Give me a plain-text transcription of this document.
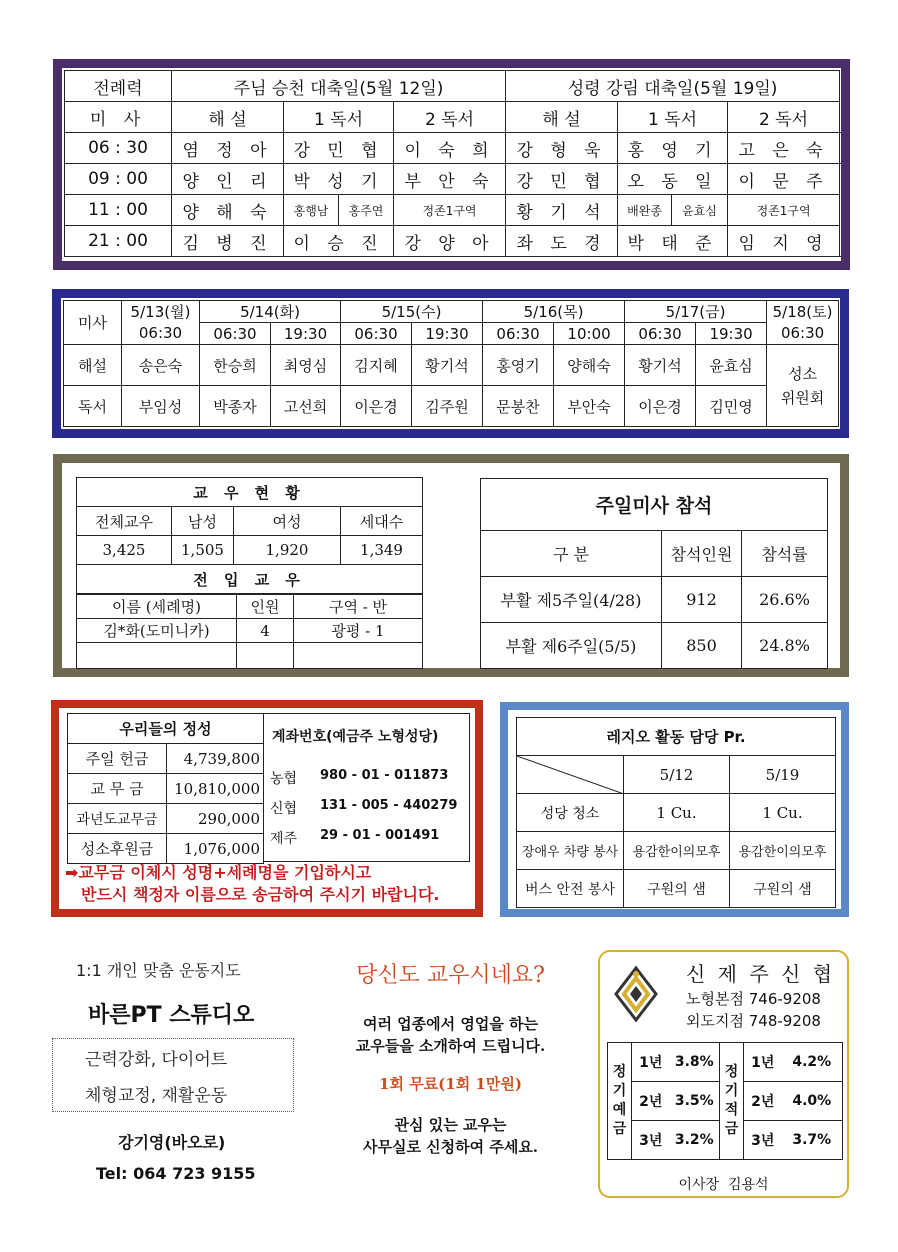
전례력	주님 승천 대축일(5월 12일)				성령 강림 대축일(5월 19일)			
미 사	해 설	1 독서		2 독서	해 설	1 독서		2 독서
06 : 30	염 정 아	강 민 협		이 숙 희	강 형 욱	홍 영 기		고 은 숙
09 : 00	양 인 리	박 성 기		부 안 숙	강 민 협	오 동 일		이 문 주
11 : 00	양 해 숙	홍행남	홍주연	정존1구역	황 기 석	배완종	윤효심	정존1구역
21 : 00	김 병 진	이 승 진		강 양 아	좌 도 경	박 태 준		임 지 영
미사	5/13(월)	5/14(화)		5/15(수)		5/16(목)		5/17(금)		5/18(토)
	06:30	06:30	19:30	06:30	19:30	06:30	10:00	06:30	19:30	06:30
해설	송은숙	한승희	최영심	김지혜	황기석	홍영기	양해숙	황기석	윤효심	성소
위원회
독서	부임성	박종자	고선희	이은경	김주원	문봉찬	부안숙	이은경	김민영	
교 우 현 황			
전체교우	남성	여성	세대수
3,425	1,505	1,920	1,349
전 입 교 우			
이름 (세례명)	인원	구역 - 반
김*화(도미니카)	4	광평 - 1

주일미사 참석		
구 분	참석인원	참석률
부활 제5주일(4/28)	912	26.6%
부활 제6주일(5/5)	850	24.8%
우리들의 정성	
주일 헌금	4,739,800
교 무 금	10,810,000
과년도교무금	290,000
성소후원금	1,076,000
계좌번호(예금주 노형성당)
농협 980 - 01 - 011873
신협 131 - 005 - 440279
제주 29 - 01 - 001491
➡교무금 이체시 성명+세례명을 기입하시고
반드시 책정자 이름으로 송금하여 주시기 바랍니다.
레지오 활동 담당 Pr.		

	5/12	5/19
성당 청소	1 Cu.	1 Cu.
장애우 차량 봉사	용감한이의모후	용감한이의모후
버스 안전 봉사	구원의 샘	구원의 샘
1:1 개인 맞춤 운동지도
바른PT 스튜디오
근력강화, 다이어트
체형교정, 재활운동
강기영(바오로)
Tel: 064 723 9155
당신도 교우시네요?
여러 업종에서 영업을 하는
교우들을 소개하여 드립니다.
1회 무료(1회 1만원)
관심 있는 교우는
사무실로 신청하여 주세요.
신 제 주 신 협
노형본점 746-9208
외도지점 748-9208
정기예금	1년	3.8%	정기적금	1년	4.2%
	2년	3.5%		2년	4.0%
	3년	3.2%		3년	3.7%
이사장  김용석
